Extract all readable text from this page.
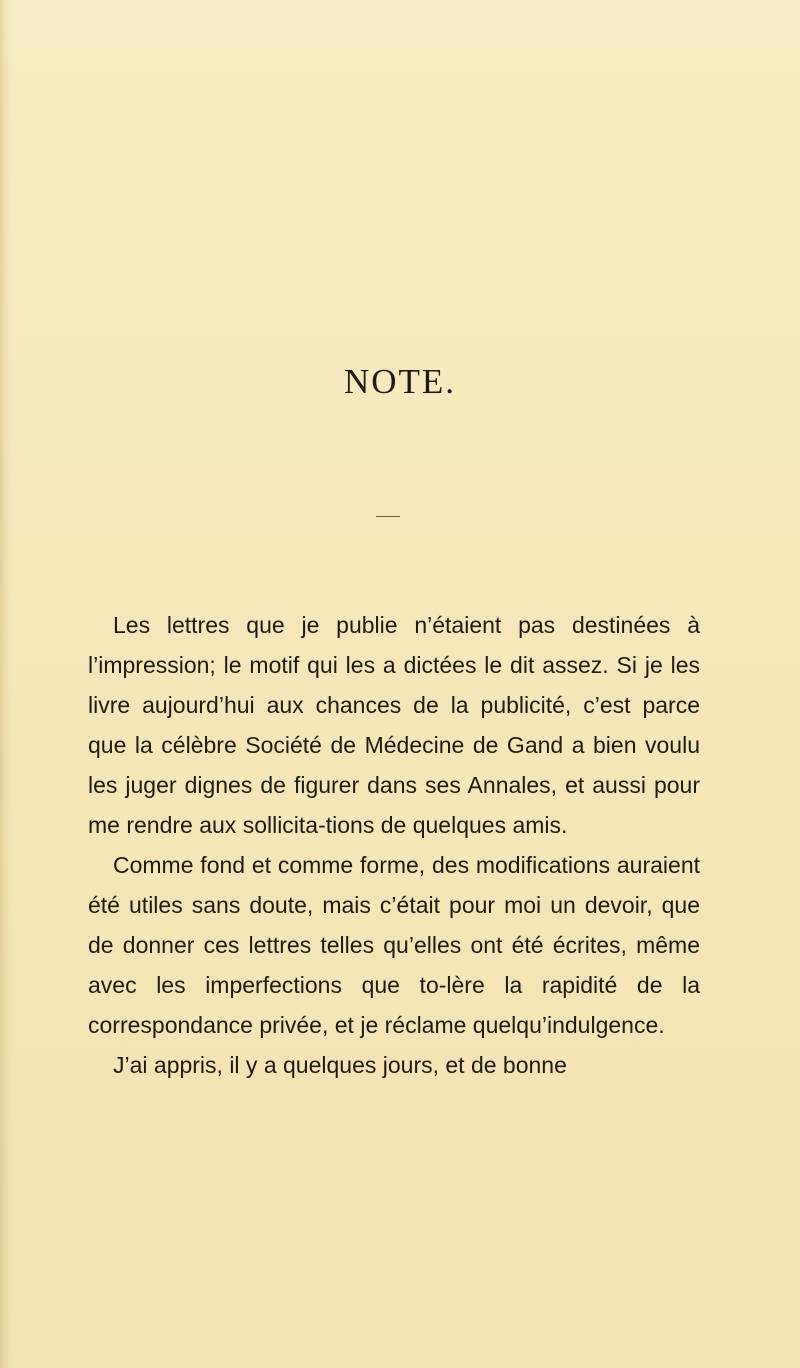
NOTE.

Les lettres que je publie n’étaient pas destinées à l’impression; le motif qui les a dictées le dit assez. Si je les livre aujourd’hui aux chances de la publicité, c’est parce que la célèbre Société de Médecine de Gand a bien voulu les juger dignes de figurer dans ses Annales, et aussi pour me rendre aux sollicita-tions de quelques amis.

Comme fond et comme forme, des modifications auraient été utiles sans doute, mais c’était pour moi un devoir, que de donner ces lettres telles qu’elles ont été écrites, même avec les imperfections que to-lère la rapidité de la correspondance privée, et je réclame quelqu’indulgence.

J’ai appris, il y a quelques jours, et de bonne
